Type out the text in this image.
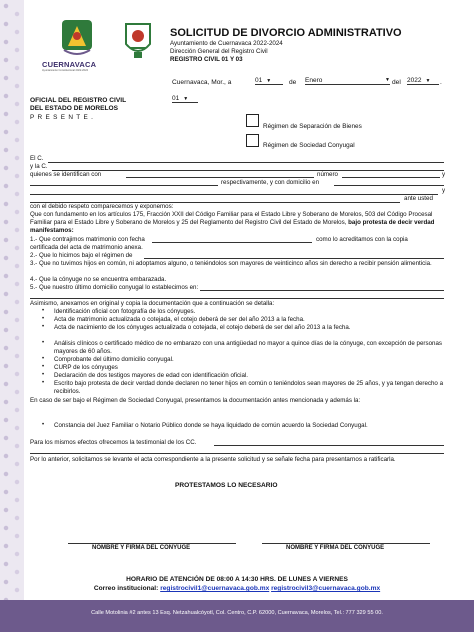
CUERNAVACA
Ayuntamiento Constitucional 2022-2024
SOLICITUD DE DIVORCIO ADMINISTRATIVO
Ayuntamiento de Cuernavaca 2022-2024
Dirección General del Registro Civil
REGISTRO CIVIL 01 Y 03
Cuernavaca, Mor., a	01 ▼	de Enero	▼ del 2022 ▼	.
OFICIAL DEL REGISTRO CIVIL	01 ▼
DEL ESTADO DE MORELOS
P R E S E N T E .
Régimen de Separación de Bienes
Régimen de Sociedad Conyugal
El C.
y la C.
quienes se identifican con	número	y
respectivamente, y con domicilio en
y
ante usted
con el debido respeto comparecemos y exponemos:
Que con fundamento en los artículos 175, Fracción XXII del Código Familiar para el Estado Libre y Soberano de Morelos, 503 del Código Procesal Familiar para el Estado Libre y Soberano de Morelos y 25 del Reglamento del Registro Civil del Estado de Morelos, bajo protesta de decir verdad manifestamos:
1.- Que contrajimos matrimonio con fecha	como lo acreditamos con la copia
certificada del acta de matrimonio anexa.
2.- Que lo hicimos bajo el régimen de
3.- Que no tuvimos hijos en común, ni adoptamos alguno, o teniéndolos son mayores de veinticinco años sin derecho a recibir pensión alimenticia.
4.- Que la cónyuge no se encuentra embarazada.
5.- Que nuestro último domicilio conyugal lo establecimos en:
Asimismo, anexamos en original y copia la documentación que a continuación se detalla:
• Identificación oficial con fotografía de los cónyuges.
• Acta de matrimonio actualizada o cotejada, el cotejo deberá de ser del año 2013 a la fecha.
• Acta de nacimiento de los cónyuges actualizada o cotejada, el cotejo deberá de ser del año 2013 a la fecha.
• Análisis clínicos o certificado médico de no embarazo con una antigüedad no mayor a quince días de la cónyuge, con excepción de personas mayores de 60 años.
• Comprobante del último domicilio conyugal.
• CURP de los cónyuges
• Declaración de dos testigos mayores de edad con identificación oficial.
• Escrito bajo protesta de decir verdad donde declaren no tener hijos en común o teniéndolos sean mayores de 25 años, y ya tengan derecho a recibirlos.
En caso de ser bajo el Régimen de Sociedad Conyugal, presentamos la documentación antes mencionada y además la:
• Constancia del Juez Familiar o Notario Público donde se haya liquidado de común acuerdo la Sociedad Conyugal.
Para los mismos efectos ofrecemos la testimonial de los CC.
Por lo anterior, solicitamos se levante el acta correspondiente a la presente solicitud y se señale fecha para presentarnos a ratificarla.
PROTESTAMOS LO NECESARIO
NOMBRE Y FIRMA DEL CONYUGE	NOMBRE Y FIRMA DEL CONYUGE
HORARIO DE ATENCIÓN DE 08:00 A 14:30 HRS. DE LUNES A VIERNES
Correo institucional: registrocivil1@cuernavaca.gob.mx registrocivil3@cuernavaca.gob.mx
Calle Motolinia #2 antes 13 Esq. Netzahualcóyotl, Col. Centro, C.P. 62000, Cuernavaca, Morelos, Tel.: 777 329 55 00.
